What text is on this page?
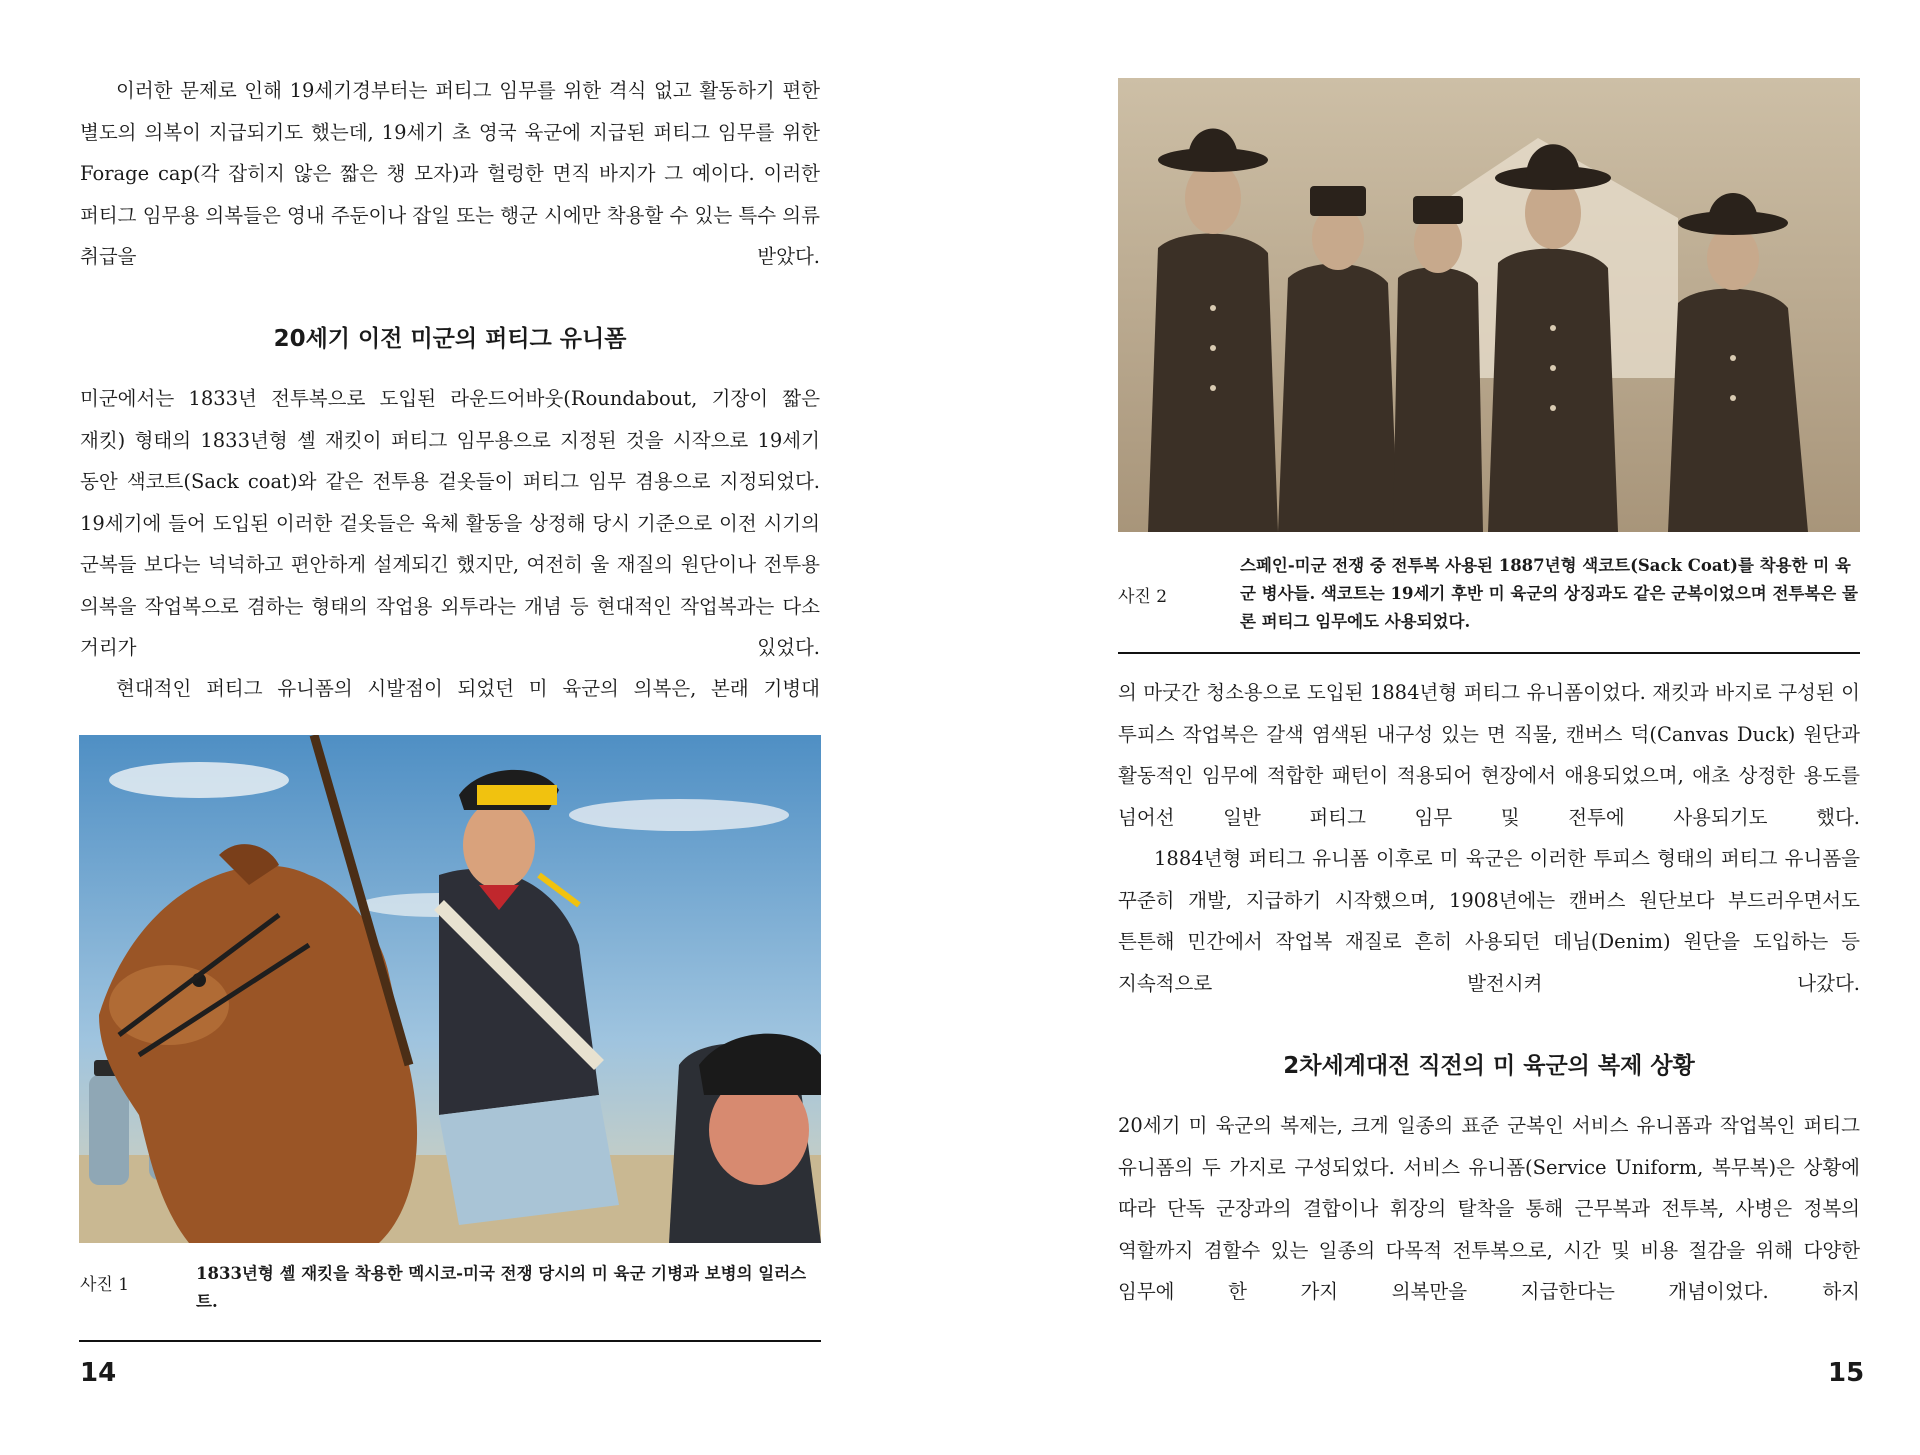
이러한 문제로 인해 19세기경부터는 퍼티그 임무를 위한 격식 없고 활동하기 편한 별도의 의복이 지급되기도 했는데, 19세기 초 영국 육군에 지급된 퍼티그 임무를 위한 Forage cap(각 잡히지 않은 짧은 챙 모자)과 헐렁한 면직 바지가 그 예이다. 이러한 퍼티그 임무용 의복들은 영내 주둔이나 잡일 또는 행군 시에만 착용할 수 있는 특수 의류 취급을 받았다.

20세기 이전 미군의 퍼티그 유니폼

미군에서는 1833년 전투복으로 도입된 라운드어바웃(Roundabout, 기장이 짧은 재킷) 형태의 1833년형 셸 재킷이 퍼티그 임무용으로 지정된 것을 시작으로 19세기 동안 색코트(Sack coat)와 같은 전투용 겉옷들이 퍼티그 임무 겸용으로 지정되었다. 19세기에 들어 도입된 이러한 겉옷들은 육체 활동을 상정해 당시 기준으로 이전 시기의 군복들 보다는 넉넉하고 편안하게 설계되긴 했지만, 여전히 울 재질의 원단이나 전투용 의복을 작업복으로 겸하는 형태의 작업용 외투라는 개념 등 현대적인 작업복과는 다소 거리가 있었다.

현대적인 퍼티그 유니폼의 시발점이 되었던 미 육군의 의복은, 본래 기병대

사진 1
1833년형 셸 재킷을 착용한 멕시코-미국 전쟁 당시의 미 육군 기병과 보병의 일러스트.
14
사진 2
스페인-미군 전쟁 중 전투복 사용된 1887년형 색코트(Sack Coat)를 착용한 미 육군 병사들. 색코트는 19세기 후반 미 육군의 상징과도 같은 군복이었으며 전투복은 물론 퍼티그 임무에도 사용되었다.

의 마굿간 청소용으로 도입된 1884년형 퍼티그 유니폼이었다. 재킷과 바지로 구성된 이 투피스 작업복은 갈색 염색된 내구성 있는 면 직물, 캔버스 덕(Canvas Duck) 원단과 활동적인 임무에 적합한 패턴이 적용되어 현장에서 애용되었으며, 애초 상정한 용도를 넘어선 일반 퍼티그 임무 및 전투에 사용되기도 했다.

1884년형 퍼티그 유니폼 이후로 미 육군은 이러한 투피스 형태의 퍼티그 유니폼을 꾸준히 개발, 지급하기 시작했으며, 1908년에는 캔버스 원단보다 부드러우면서도 튼튼해 민간에서 작업복 재질로 흔히 사용되던 데님(Denim) 원단을 도입하는 등 지속적으로 발전시켜 나갔다.

2차세계대전 직전의 미 육군의 복제 상황

20세기 미 육군의 복제는, 크게 일종의 표준 군복인 서비스 유니폼과 작업복인 퍼티그 유니폼의 두 가지로 구성되었다. 서비스 유니폼(Service Uniform, 복무복)은 상황에 따라 단독 군장과의 결합이나 휘장의 탈착을 통해 근무복과 전투복, 사병은 정복의 역할까지 겸할수 있는 일종의 다목적 전투복으로, 시간 및 비용 절감을 위해 다양한 임무에 한 가지 의복만을 지급한다는 개념이었다. 하지

15
